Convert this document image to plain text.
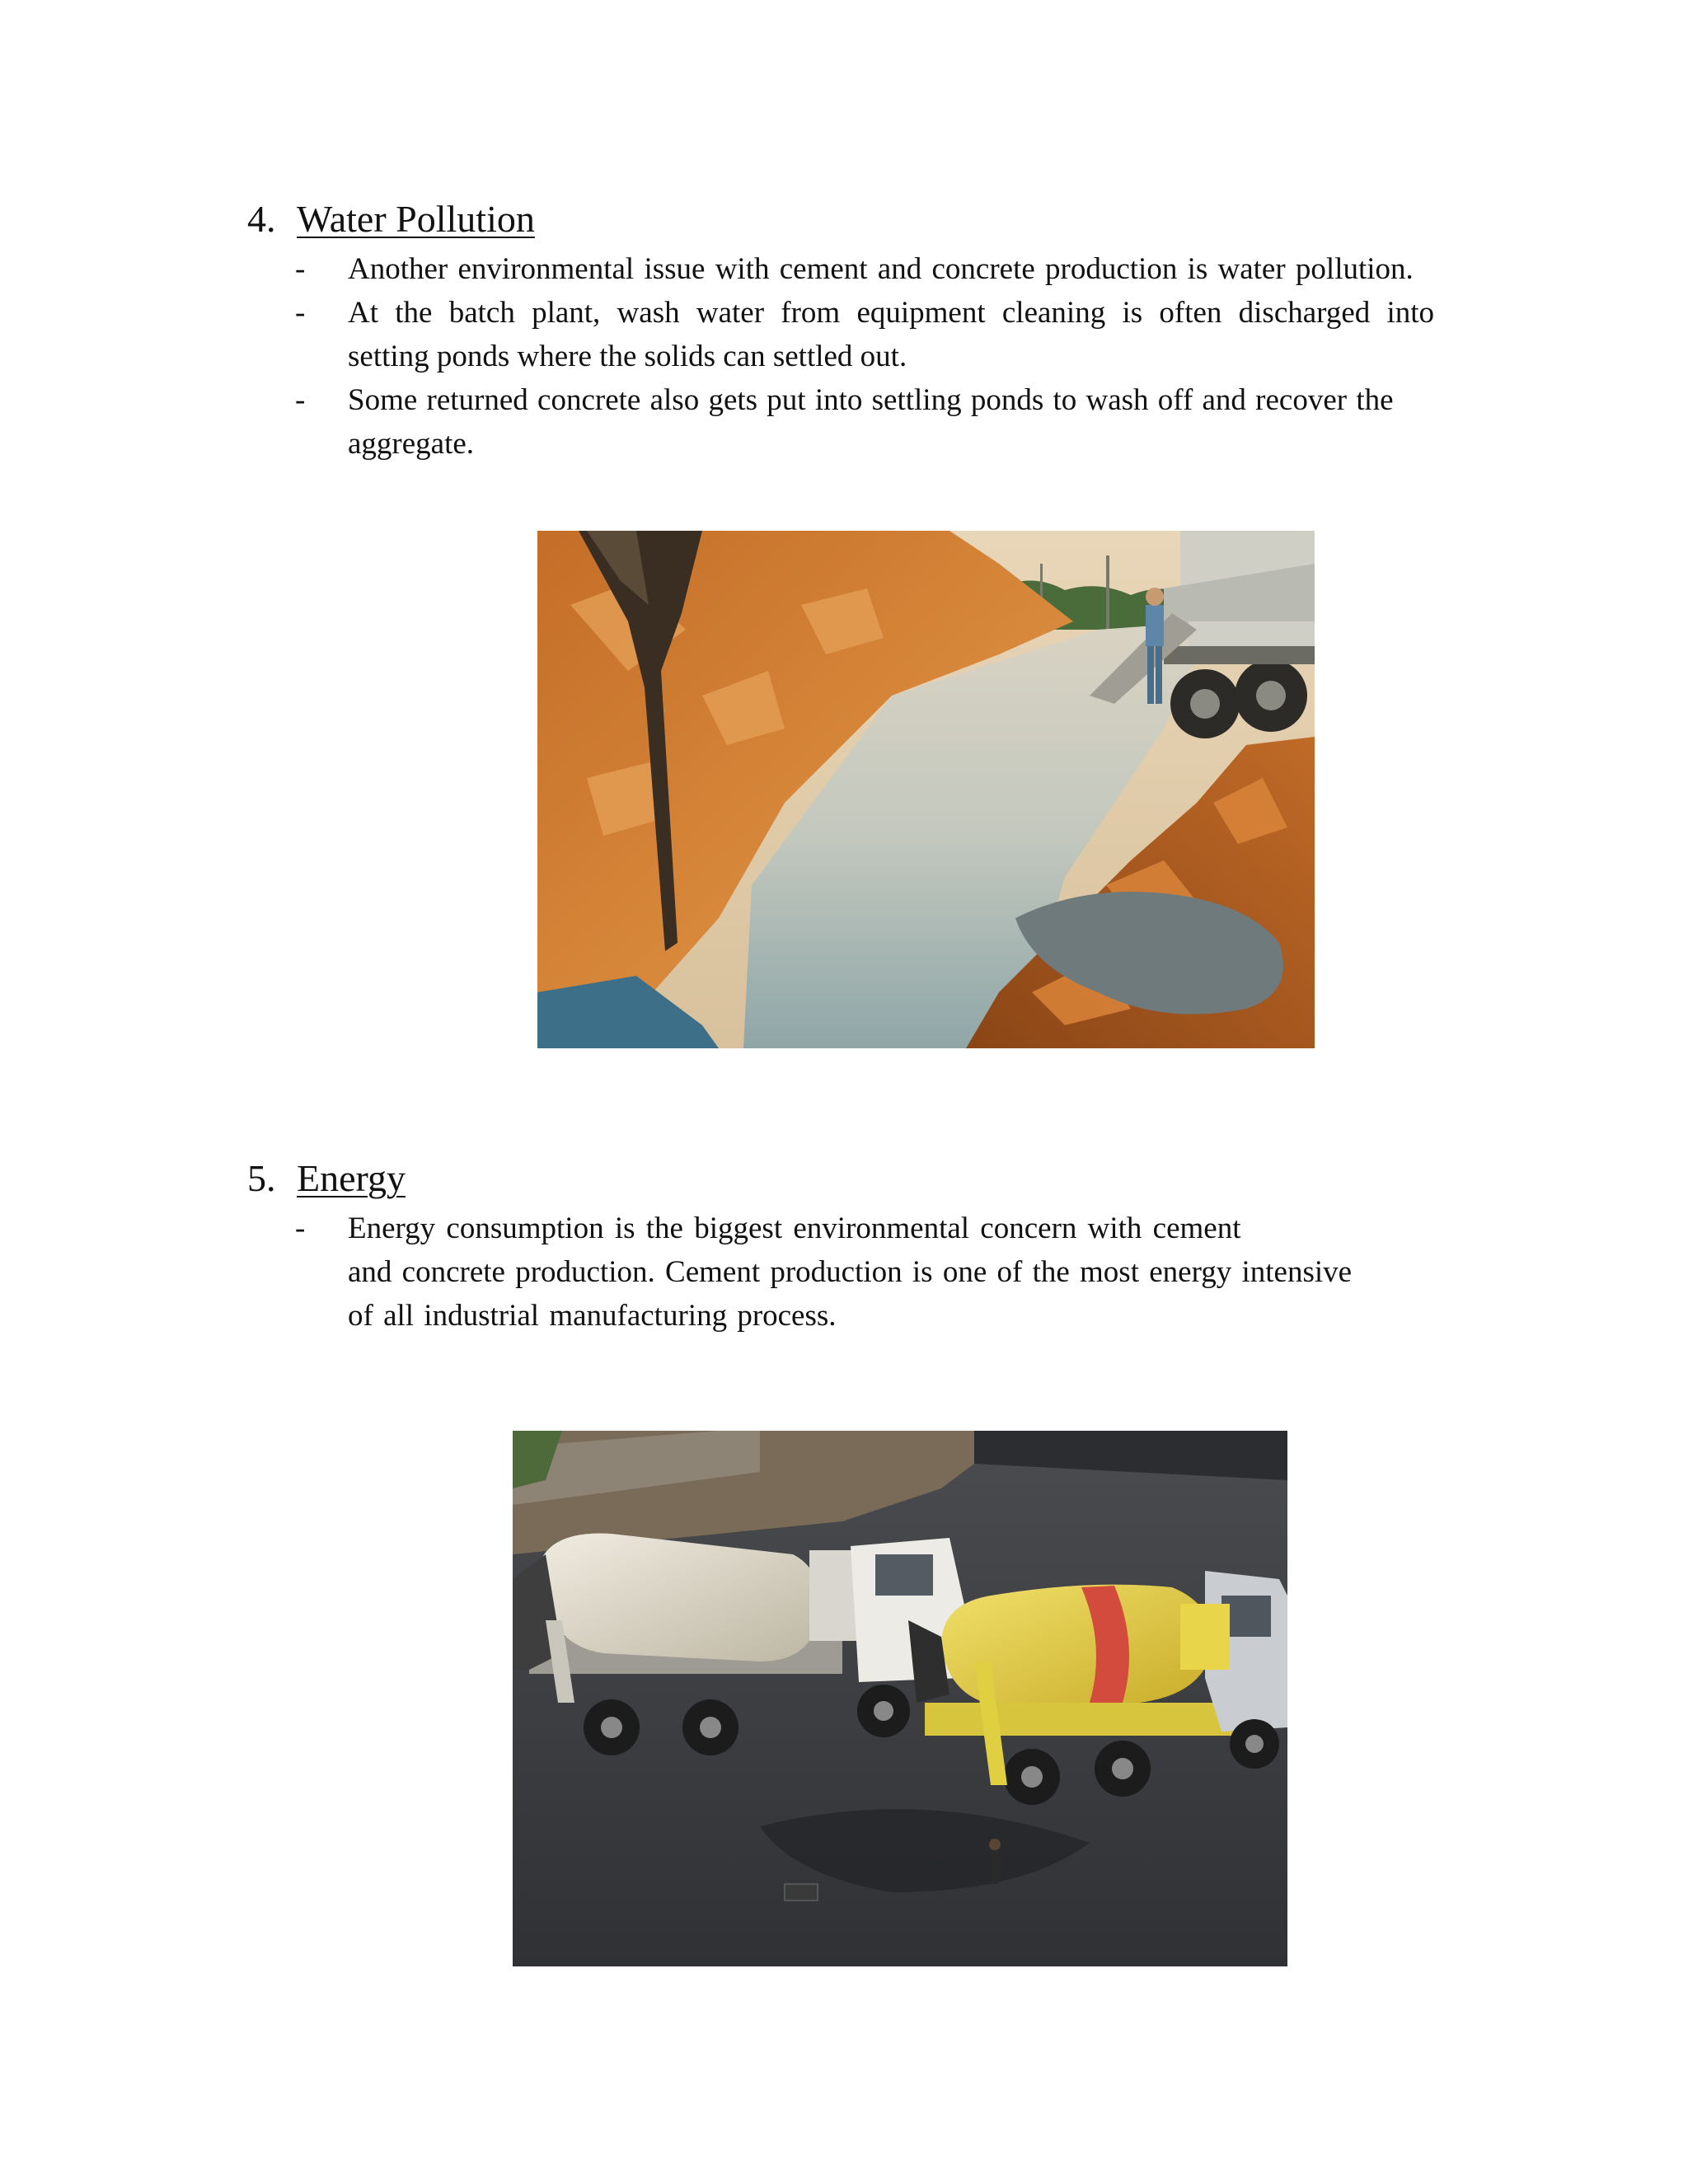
4. Water Pollution
- Another environmental issue with cement and concrete production is water pollution.
- At the batch plant, wash water from equipment cleaning is often discharged into
setting ponds where the solids can settled out.
- Some returned concrete also gets put into settling ponds to wash off and recover the
aggregate.
5. Energy
- Energy consumption is the biggest environmental concern with cement
and concrete production. Cement production is one of the most energy intensive
of all industrial manufacturing process.
